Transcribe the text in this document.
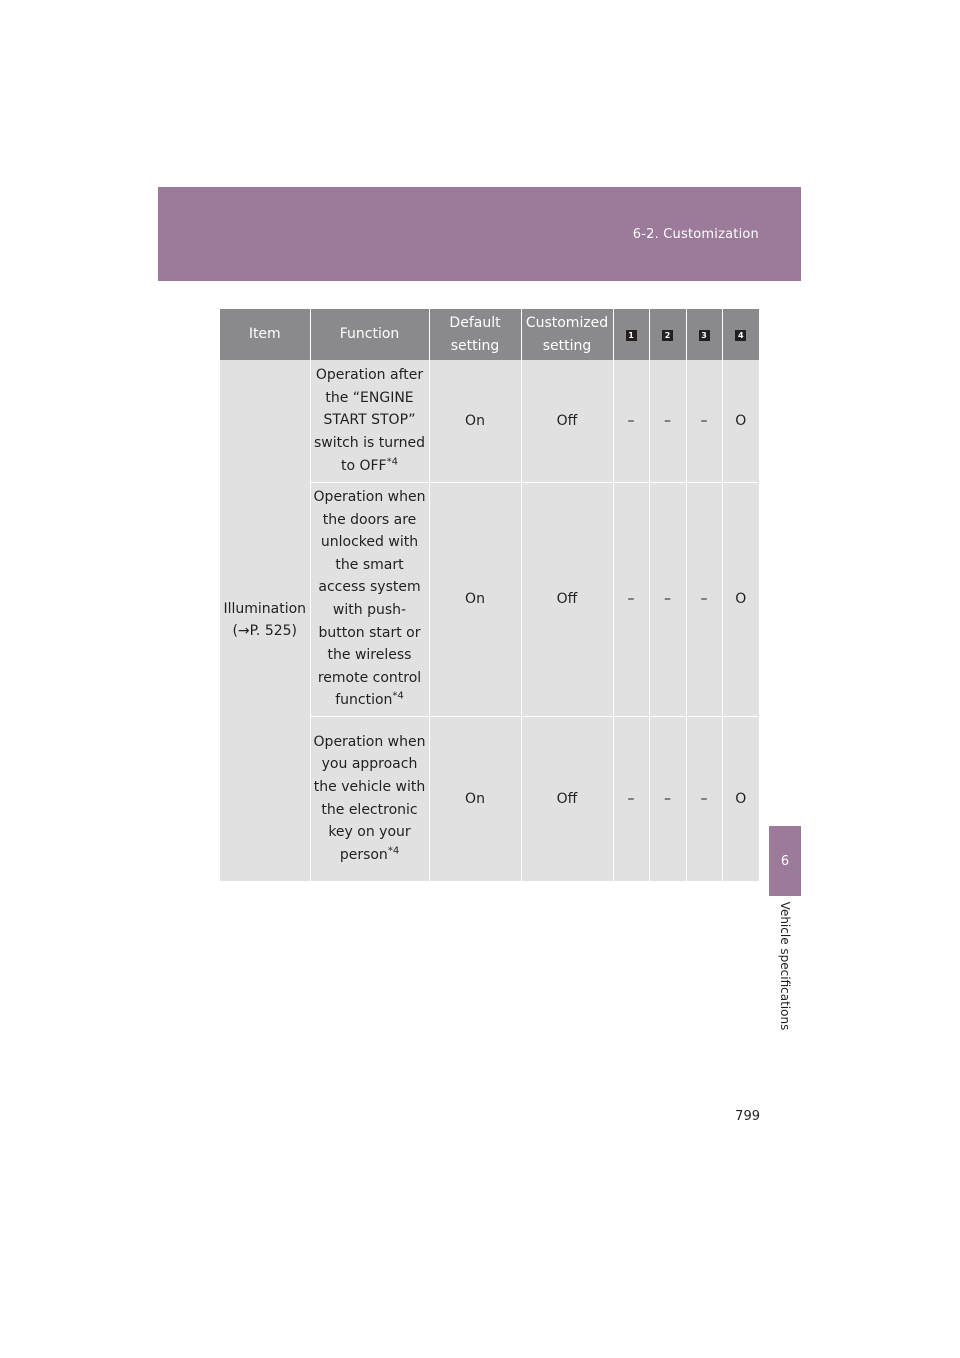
6-2. Customization
6
Vehicle specifications
Item	Function	Default setting	Customized setting	1	2	3	4

Illumination
(→P. 525)	Operation after the “ENGINE START STOP” switch is turned to OFF$^{*4}$	On	Off	–	–	–	O
	Operation when the doors are unlocked with the smart access system with push-button start or the wireless remote control function$^{*4}$	On	Off	–	–	–	O
	Operation when you approach the vehicle with the electronic key on your person$^{*4}$	On	Off	–	–	–	O
799
